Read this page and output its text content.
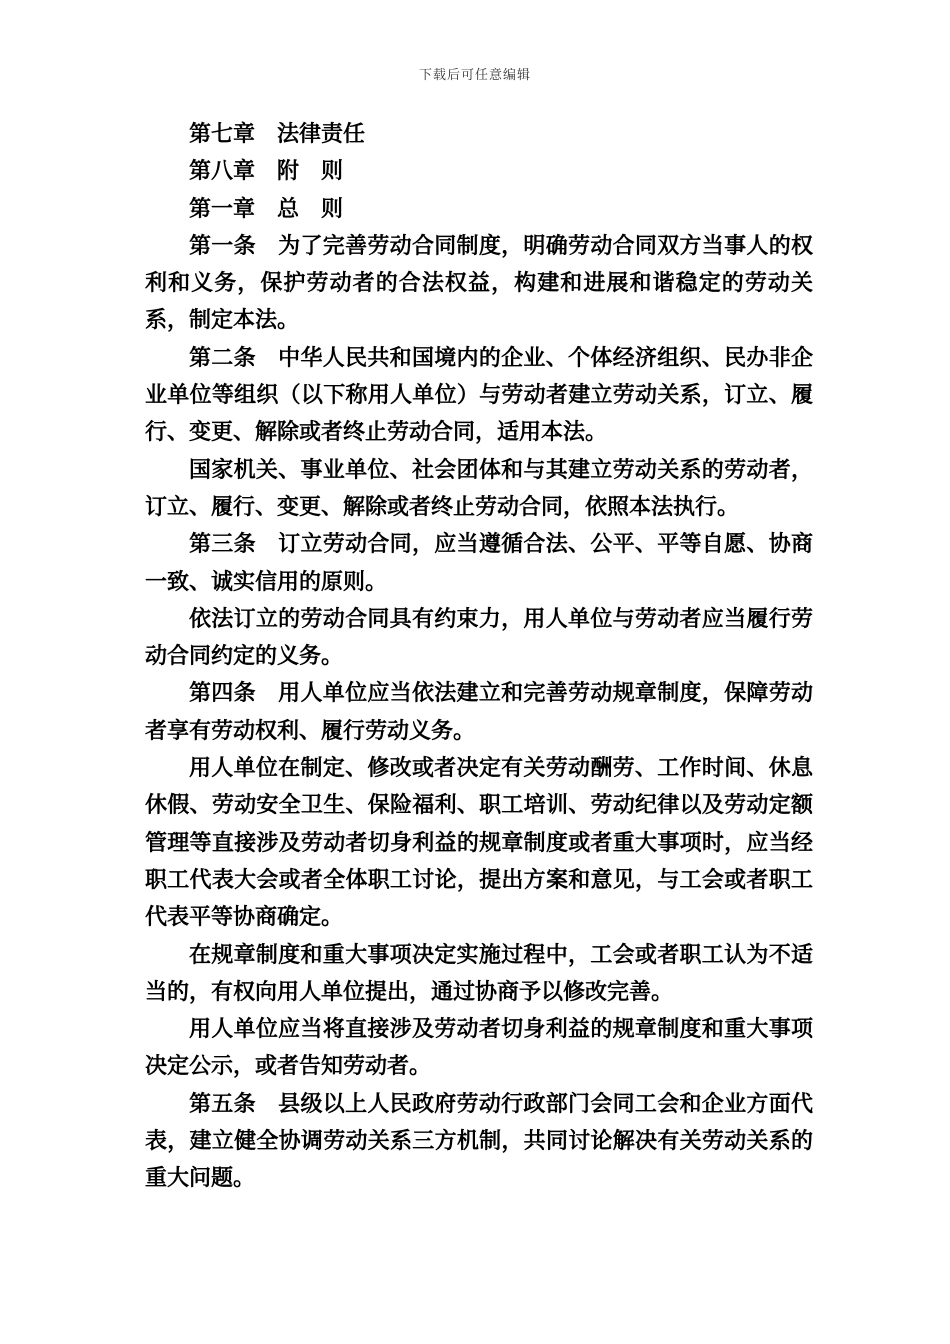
下载后可任意编辑

第七章　法律责任

第八章　附　则

第一章　总　则

第一条　为了完善劳动合同制度，明确劳动合同双方当事人的权利和义务，保护劳动者的合法权益，构建和进展和谐稳定的劳动关系，制定本法。

第二条　中华人民共和国境内的企业、个体经济组织、民办非企业单位等组织（以下称用人单位）与劳动者建立劳动关系，订立、履行、变更、解除或者终止劳动合同，适用本法。

国家机关、事业单位、社会团体和与其建立劳动关系的劳动者，订立、履行、变更、解除或者终止劳动合同，依照本法执行。

第三条　订立劳动合同，应当遵循合法、公平、平等自愿、协商一致、诚实信用的原则。

依法订立的劳动合同具有约束力，用人单位与劳动者应当履行劳动合同约定的义务。

第四条　用人单位应当依法建立和完善劳动规章制度，保障劳动者享有劳动权利、履行劳动义务。

用人单位在制定、修改或者决定有关劳动酬劳、工作时间、休息休假、劳动安全卫生、保险福利、职工培训、劳动纪律以及劳动定额管理等直接涉及劳动者切身利益的规章制度或者重大事项时，应当经职工代表大会或者全体职工讨论，提出方案和意见，与工会或者职工代表平等协商确定。

在规章制度和重大事项决定实施过程中，工会或者职工认为不适当的，有权向用人单位提出，通过协商予以修改完善。

用人单位应当将直接涉及劳动者切身利益的规章制度和重大事项决定公示，或者告知劳动者。

第五条　县级以上人民政府劳动行政部门会同工会和企业方面代表，建立健全协调劳动关系三方机制，共同讨论解决有关劳动关系的重大问题。
